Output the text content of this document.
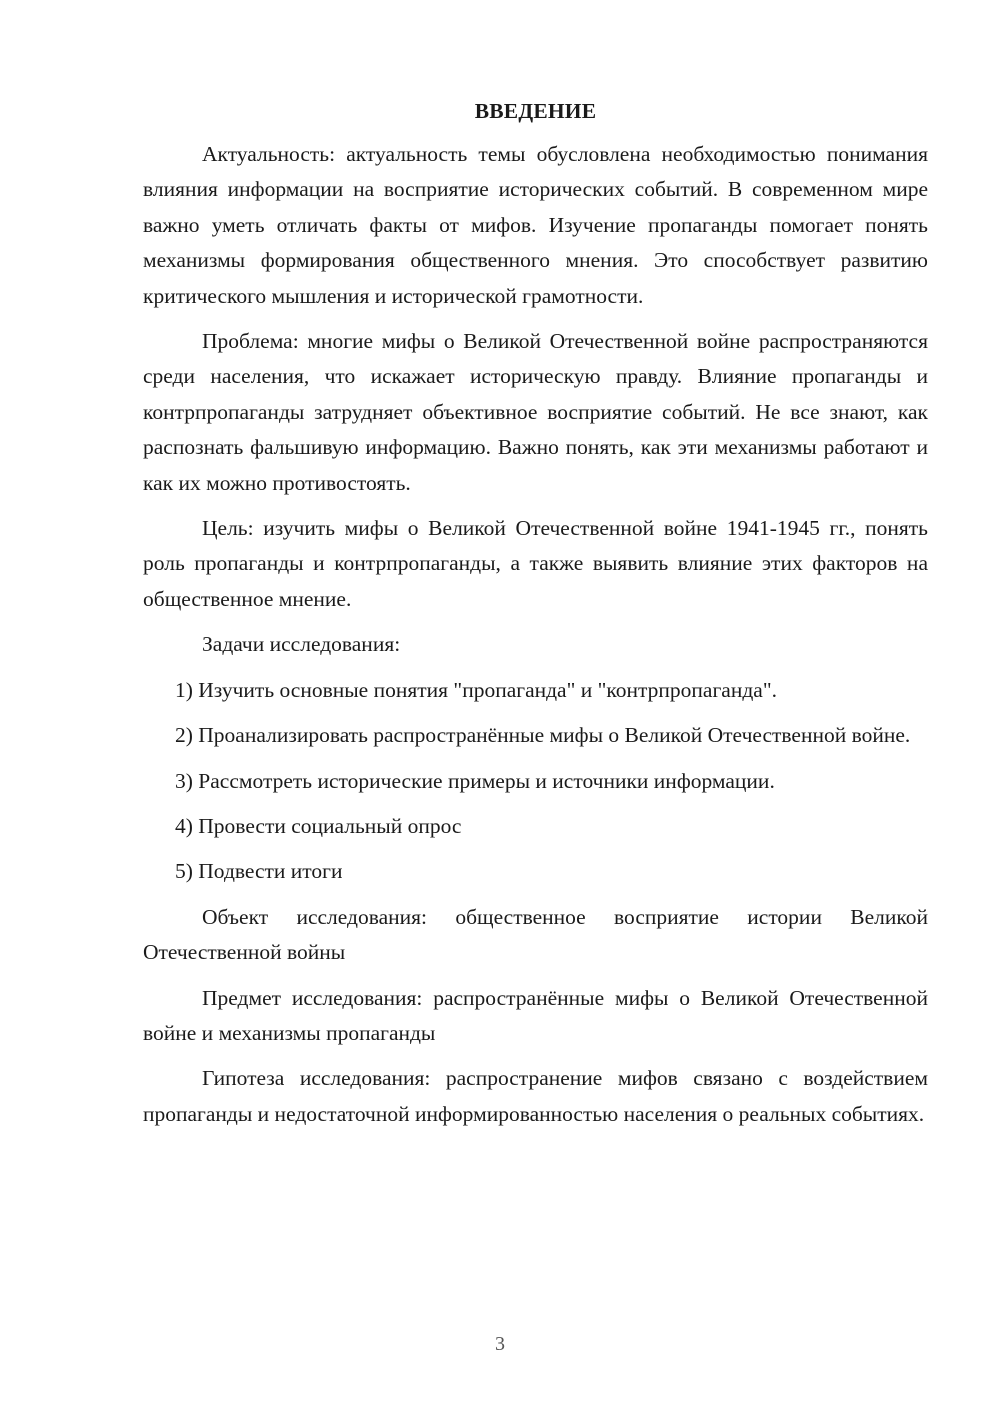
ВВЕДЕНИЕ

Актуальность: актуальность темы обусловлена необходимостью понимания влияния информации на восприятие исторических событий. В современном мире важно уметь отличать факты от мифов. Изучение пропаганды помогает понять механизмы формирования общественного мнения. Это способствует развитию критического мышления и исторической грамотности.

Проблема: многие мифы о Великой Отечественной войне распространяются среди населения, что искажает историческую правду. Влияние пропаганды и контрпропаганды затрудняет объективное восприятие событий. Не все знают, как распознать фальшивую информацию. Важно понять, как эти механизмы работают и как их можно противостоять.

Цель: изучить мифы о Великой Отечественной войне 1941-1945 гг., понять роль пропаганды и контрпропаганды, а также выявить влияние этих факторов на общественное мнение.

Задачи исследования:

1) Изучить основные понятия "пропаганда" и "контрпропаганда".

2) Проанализировать распространённые мифы о Великой Отечественной войне.

3) Рассмотреть исторические примеры и источники информации.

4) Провести социальный опрос

5) Подвести итоги

Объект исследования: общественное восприятие истории Великой Отечественной войны

Предмет исследования: распространённые мифы о Великой Отечественной войне и механизмы пропаганды

Гипотеза исследования: распространение мифов связано с воздействием пропаганды и недостаточной информированностью населения о реальных событиях.

3
